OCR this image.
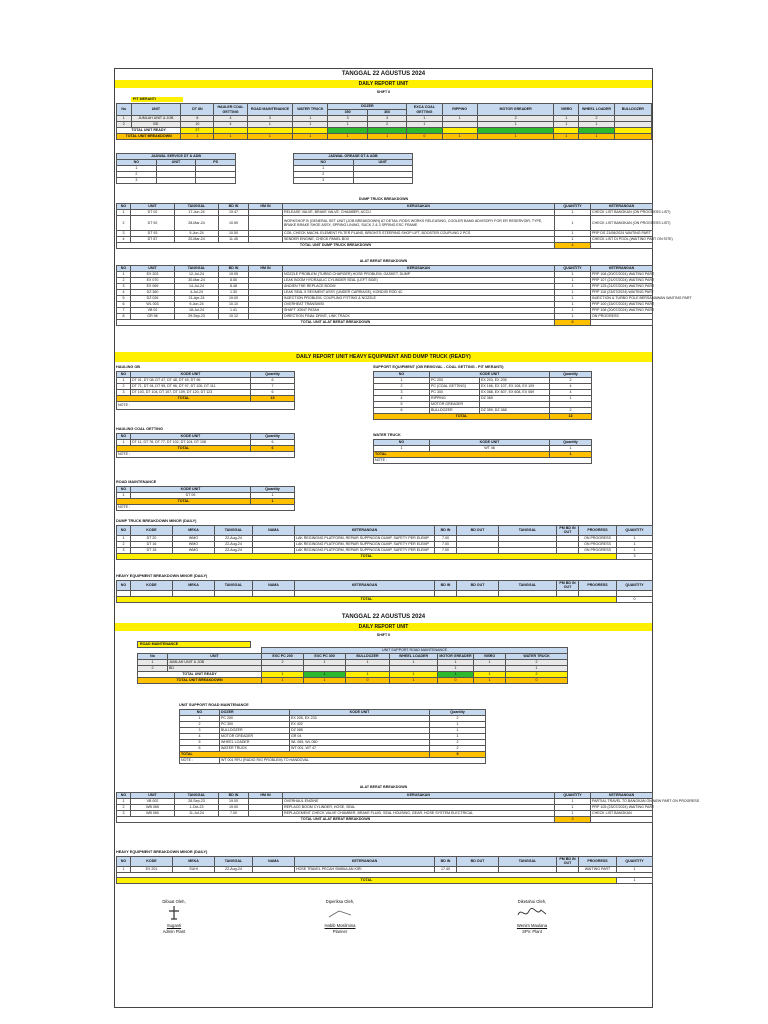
TANGGAL 22 AGUSTUS 2024
DAILY REPORT UNIT
SHIFT II
PIT MERANTI
No	UNIT	DT 8N	HAULER COAL GETTING	ROAD MAINTENANCE	WATER TRUCK	DOZER		EXCA COAL GETTING	RIPPING	MOTOR GREADER	VIBRO	WHEEL LOADER	BULLDOZER
						350	360						
1	JUMLAH UNIT & JOB	8	4	3	1	3	3	1	1	2	1	2	
2	BD	10	4	1	1	1	2	1		1	1	1	
TOTAL UNIT READY		27											
TOTAL UNIT BREAKDOWN		1	1	1	1	1	1	0	1	1	1	1	
JADWAL SERVICE DT & ADB		
NO	UNIT	PS
1		
2		
3		
JADWAL GREASE DT & ADB	
NO	UNIT
1	
2	
3	
DUMP TRUCK BREAKDOWN
NO	UNIT	TANGGAL	BD IN	HM IN	KERUSAKAN	QUANTITY	KETERANGAN
1	DT 02	17-Jun-24	19.47		RELEASE VALVE, BRAKE VALVE, CHAMBER, ACCU	1	CHECK LIST BANGKAN (ON PROGRESS LIST)
2	DT 92	28-Mar-24	10.59		WORKSHOP B (GENERAL SET UNIT (JOB BREAKDOWN) AT DETAIL RODS WORKS RELEASING, COOLER BAND ADVISORY FOR ER RESERVOIR, TYPE, BRAKE BRAKE SHOE ASSY, SPRING LINING, SUCK 2 & 3 SPRING ESC FRAME	1	CHECK LIST BANGKAN (ON PROGRESS LIST)
3	DT 93	9-Jun-24	10.50		COIL CHECK MACHL ELEMENT FILTER PLANS, BRIGHTS STEERING SHOP LIFT, BOOSTER COUPLING 2 PCS	1	PRP DS 21/08/2024 WAITING PART
4	DT 87	20-Mar-24	11.45		SENDER ENGINE, CHECK PANEL BOX	1	CHECK LIST DI POOL (WAITING PART ON SITE)
TOTAL UNIT DUMP TRUCK BREAKDOWN						4	
ALAT BERAT BREAKDOWN
NO	UNIT	TANGGAL	BD IN	HM IN	KERUSAKAN	QUANTITY	KETERANGAN
1	EX 203	12-Jul-24	19.05		NOZZLE PROBLEM (TURBO CHARGER) HOSE PROBLEM, GASKET, DUMP	1	PRP 108 (20/07/2024) WAITING PART
2	EX 070	30-Mar-24	8.50		LEAK BOOM HYDRAULIC CYLINDER SEAL (LEFT SIDE)	1	PRP 107 (21/07/2024) WAITING PART
3	EX 069	14-Jul-24	8.48		ANDIEN THE REPLACE BOOM	1	PRP 125 (21/07/2024) WAITING PART
4	DZ 360	4-Jul-24	1.30		LEAK SEAL 5 SEGMENT ASSY (UNDER CARRIAGE), KONDISI ROD 4C	1	PRP 118 (23/07/2024) WAITING PART
5	DZ 026	21-Apr-24	19.00		INJECTION PROBLEM, COUPLING FITTING & NOZZLE	1	INJECTION & TURBO POLE BERSAMAWAN WAITING PART
6	WL 003	9-Jun-24	10.10		OVERHEAT TRANSMISI	1	PRP 100 (15/07/2024) WAITING PART
7	VB 02	18-Jul-24	1.41		SHAFT JOINT PATAH	1	PRP 108 (20/07/2024) WAITING PART
8	GR 98	29-Sep-23	10.12		DIRECTION FINAL DRIVE, LINK TRACK	1	ON PROGRESS
TOTAL UNIT ALAT BERAT BREAKDOWN						8	
DAILY REPORT UNIT HEAVY EQUIPMENT AND DUMP TRUCK (READY)
HAULING OB
NO	KODE UNIT	Quantity
1	DT 01, DT 08, DT 47, DT 48, DT 49, DT 96	6
2	DT 71, DT 94, DT 95, DT 96, DT 97, DT 100, DT 111	7
3	DT 103, DT 104, DT 107, DT 109, DT 120, DT 123	6
TOTAL		19
NOTE :		
SUPPORT EQUIPMENT (OB REMOVAL - COAL GETTING - PIT MERANTI)
NO	KODE UNIT		Quantity
1	PC 200	EX 203, EX 205	2
2	PC (COAL GETTING)	EX 166, EX 107, EX 108, EX 109	4
3	PC 300	EX 088, EX 607, EX 608, EX 069	4
4	RIPPING	DZ 369	1
5	MOTOR GREADER		
6	BULLDOZER	DZ 359, DZ 368	2
TOTAL			13
HAULING COAL GETTING
NO	KODE UNIT	Quantity
1	DT 11, DT 78, DT 77, DT 102, DT 104, DT 108	6
TOTAL		6
NOTE :		
WATER TRUCK
NO	KODE UNIT	Quantity
1	WT 46	1
TOTAL		1
NOTE :		
ROAD MAINTENANCE
NO	KODE UNIT	Quantity
1	DT 09	1
TOTAL		1
NOTE :		
DUMP TRUCK BREAKDOWN MINOR (DAILY)
NO	KODE	MEKA	TANGGAL	NAMA	KETERANGAN	BD IN	BD OUT	TANGGAL	PM BD IN OUT	PROGRESS	QUANTITY
1	DT 20	WMO	22-Aug-24		LAK REGINGNG PLATFORM, REPAIR SUPPNGGN DUMP, SAFETY PER ELEMP	7.00				ON PROGRESS	1
2	DT 16	WMO	22-Aug-24		LAK REGINGNG PLATFORM, REPAIR SUPPNGGN DUMP, SAFETY PER ELEMP	7.00				ON PROGRESS	1
3	DT 15	WMO	22-Aug-24		LAK REGINGNG PLATFORM, REPAIR SUPPNGGN DUMP, SAFETY PER ELEMP	7.00				ON PROGRESS	1
TOTAL											3
HEAVY EQUIPMENT BREAKDOWN MINOR (DAILY)
NO	KODE	MEKA	TANGGAL	NAMA	KETERANGAN	BD IN	BD OUT	TANGGAL	PM BD IN OUT	PROGRESS	QUANTITY

TOTAL											0
TANGGAL 22 AGUSTUS 2024
DAILY REPORT UNIT
SHIFT II
ROAD MAINTENANCE
		UNIT SUPPORT ROAD MAINTENANCE						
No	UNIT	EXC PC 200	EXC PC 300	BULLDOZER	WHEEL LOADER	MOTOR GREADER	VIBRO	WATER TRUCK
1	JUMLAH UNIT & JOB	2	1	1	1	1	1	2
2	BD					1		1
TOTAL UNIT READY		1	1	1	1	1	1	2
TOTAL UNIT BREAKDOWN		1	1	0	1	0	1	0
UNIT SUPPORT ROAD MAINTENANCE
NO	DOZER	KODE UNIT	Quantity
1	PC 200	EX 205, EX 233	2
2	PC 300	EX 402	1
3	BULLDOZER	DZ 085	1
4	MOTOR GREADER	GR 04	1
5	WHEEL LOADER	WL 065, WL 060	2
6	WATER TRUCK	WT 001, WT 47	2
TOTAL			9
NOTE :	WT 001 RFU (RADIO RIG PROBLEM) TO HANDOVAL		
ALAT BERAT BREAKDOWN
NO	UNIT	TANGGAL	BD IN	HM IN	KERUSAKAN	QUANTITY	KETERANGAN
1	VB 002	28-Sep-23	19.00		OVERHAUL ENGINE	1	PARTIAL TRAVEL TO BANGKAN ON NEW PART ON PROGRESS
2	WB 065	1-Oct-23	19.00		REPLACE BOOM CYLINDER, HOSE, SEAL	1	PRP 105 (23/07/2024) WAITING PART
3	WB 060	11-Jul-24	7.00		REPLACEMENT CHECK VALVE CHAMBER, BRAKE FLUID, SEAL HOUSING, GEAR, HOSE SYSTEM ELECTRICAL	1	CHECK LIST BANGKAN
TOTAL UNIT ALAT BERAT BREAKDOWN						3	
HEAVY EQUIPMENT BREAKDOWN MINOR (DAILY)
NO	KODE	MEKA	TANGGAL	NAMA	KETERANGAN	BD IN	BD OUT	TANGGAL	PM BD IN OUT	PROGRESS	QUANTITY
1	EX 201	SUHI	22-Aug-24		HOSE TRAVEL PECAH SIMBULAN KIRI	17.40				WAITING PART	1

TOTAL											1
Dibuat Oleh,
Suganti
Admin Plant
Diperiksa Oleh,
Habib Mosilmina
Planner
Diketahui Oleh,
Wenim Maulana
SPV. Plant
